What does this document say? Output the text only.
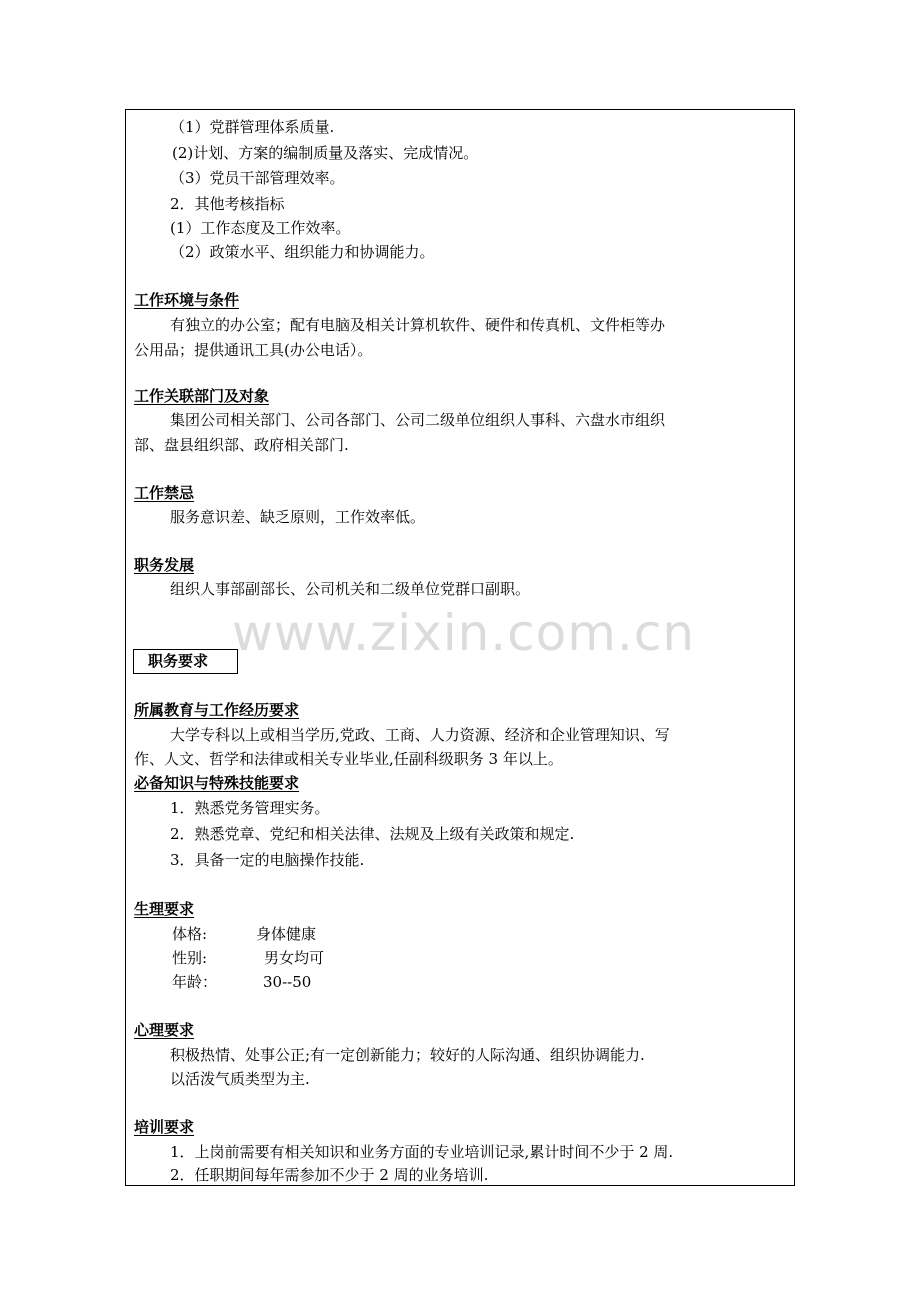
www.zixin.com.cn
（1）党群管理体系质量.
(2)计划、方案的编制质量及落实、完成情况。
（3）党员干部管理效率。
2．其他考核指标
(1）工作态度及工作效率。
（2）政策水平、组织能力和协调能力。
工作环境与条件
有独立的办公室；配有电脑及相关计算机软件、硬件和传真机、文件柜等办
公用品；提供通讯工具(办公电话）。
工作关联部门及对象
集团公司相关部门、公司各部门、公司二级单位组织人事科、六盘水市组织
部、盘县组织部、政府相关部门.
工作禁忌
服务意识差、缺乏原则，工作效率低。
职务发展
组织人事部副部长、公司机关和二级单位党群口副职。
职务要求
所属教育与工作经历要求
大学专科以上或相当学历,党政、工商、人力资源、经济和企业管理知识、写
作、人文、哲学和法律或相关专业毕业,任副科级职务 3 年以上。
必备知识与特殊技能要求
1．熟悉党务管理实务。
2．熟悉党章、党纪和相关法律、法规及上级有关政策和规定.
3．具备一定的电脑操作技能.
生理要求
体格:	身体健康
性别:	男女均可
年龄：	30--50
心理要求
积极热情、处事公正;有一定创新能力；较好的人际沟通、组织协调能力.
以活泼气质类型为主.
培训要求
1．上岗前需要有相关知识和业务方面的专业培训记录,累计时间不少于 2 周.
2．任职期间每年需参加不少于 2 周的业务培训.
